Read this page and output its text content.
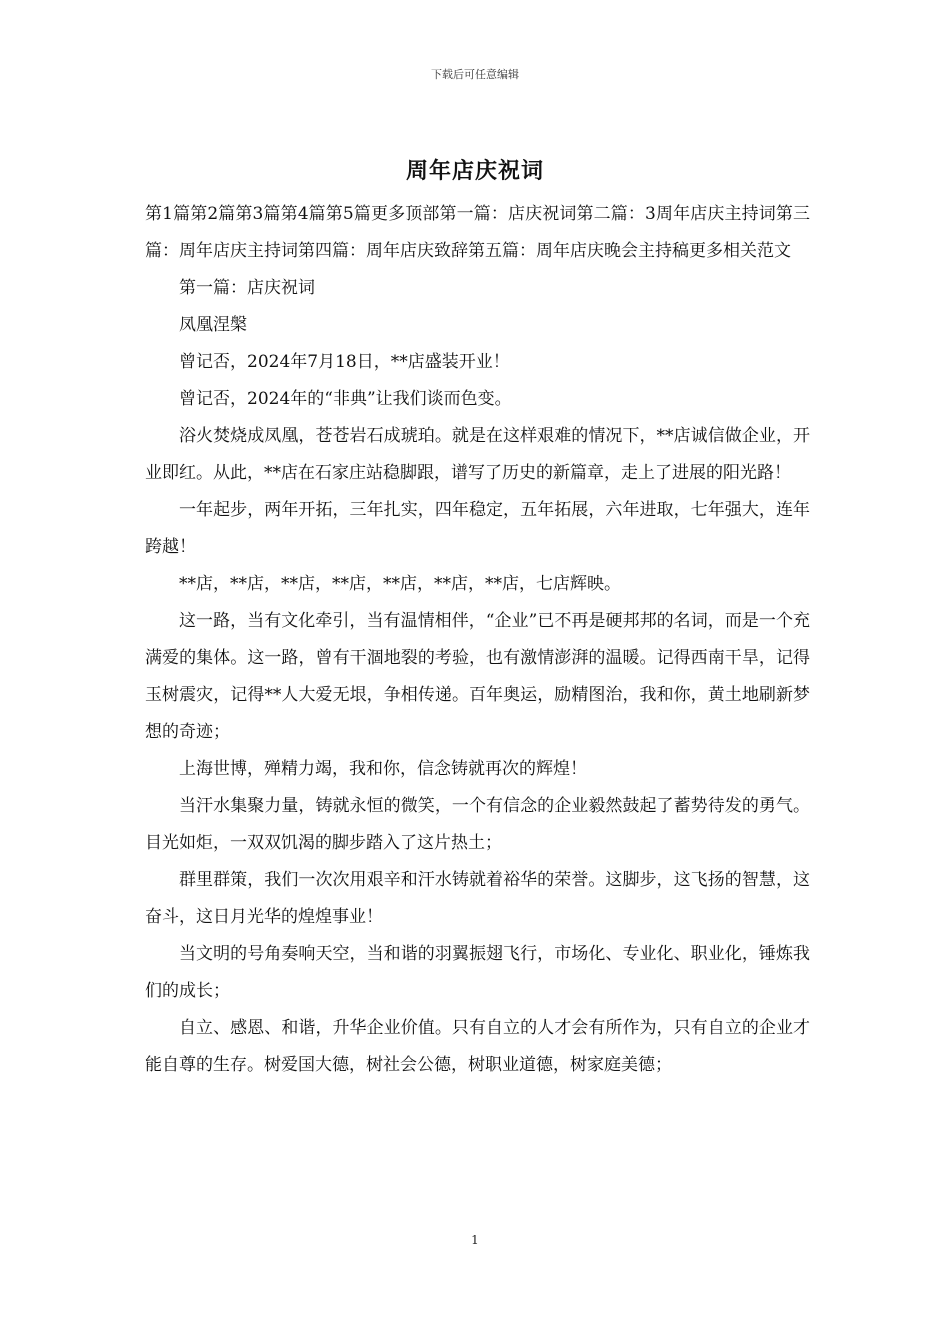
下载后可任意编辑
周年店庆祝词

第1篇第2篇第3篇第4篇第5篇更多顶部第一篇：店庆祝词第二篇：3周年店庆主持词第三篇：周年店庆主持词第四篇：周年店庆致辞第五篇：周年店庆晚会主持稿更多相关范文

第一篇：店庆祝词

凤凰涅槃

曾记否，2024年7月18日，**店盛装开业！

曾记否，2024年的“非典”让我们谈而色变。

浴火焚烧成凤凰，苍苍岩石成琥珀。就是在这样艰难的情况下，**店诚信做企业，开业即红。从此，**店在石家庄站稳脚跟，谱写了历史的新篇章，走上了进展的阳光路！

一年起步，两年开拓，三年扎实，四年稳定，五年拓展，六年进取，七年强大，连年跨越！

**店，**店，**店，**店，**店，**店，**店，七店辉映。

这一路，当有文化牵引，当有温情相伴，“企业”已不再是硬邦邦的名词，而是一个充满爱的集体。这一路，曾有干涸地裂的考验，也有激情澎湃的温暖。记得西南干旱，记得玉树震灾，记得**人大爱无垠，争相传递。百年奥运，励精图治，我和你，黄土地刷新梦想的奇迹；

上海世博，殚精力竭，我和你，信念铸就再次的辉煌！

当汗水集聚力量，铸就永恒的微笑，一个有信念的企业毅然鼓起了蓄势待发的勇气。目光如炬，一双双饥渴的脚步踏入了这片热土；

群里群策，我们一次次用艰辛和汗水铸就着裕华的荣誉。这脚步，这飞扬的智慧，这奋斗，这日月光华的煌煌事业！

当文明的号角奏响天空，当和谐的羽翼振翅飞行，市场化、专业化、职业化，锤炼我们的成长；

自立、感恩、和谐，升华企业价值。只有自立的人才会有所作为，只有自立的企业才能自尊的生存。树爱国大德，树社会公德，树职业道德，树家庭美德；

1
